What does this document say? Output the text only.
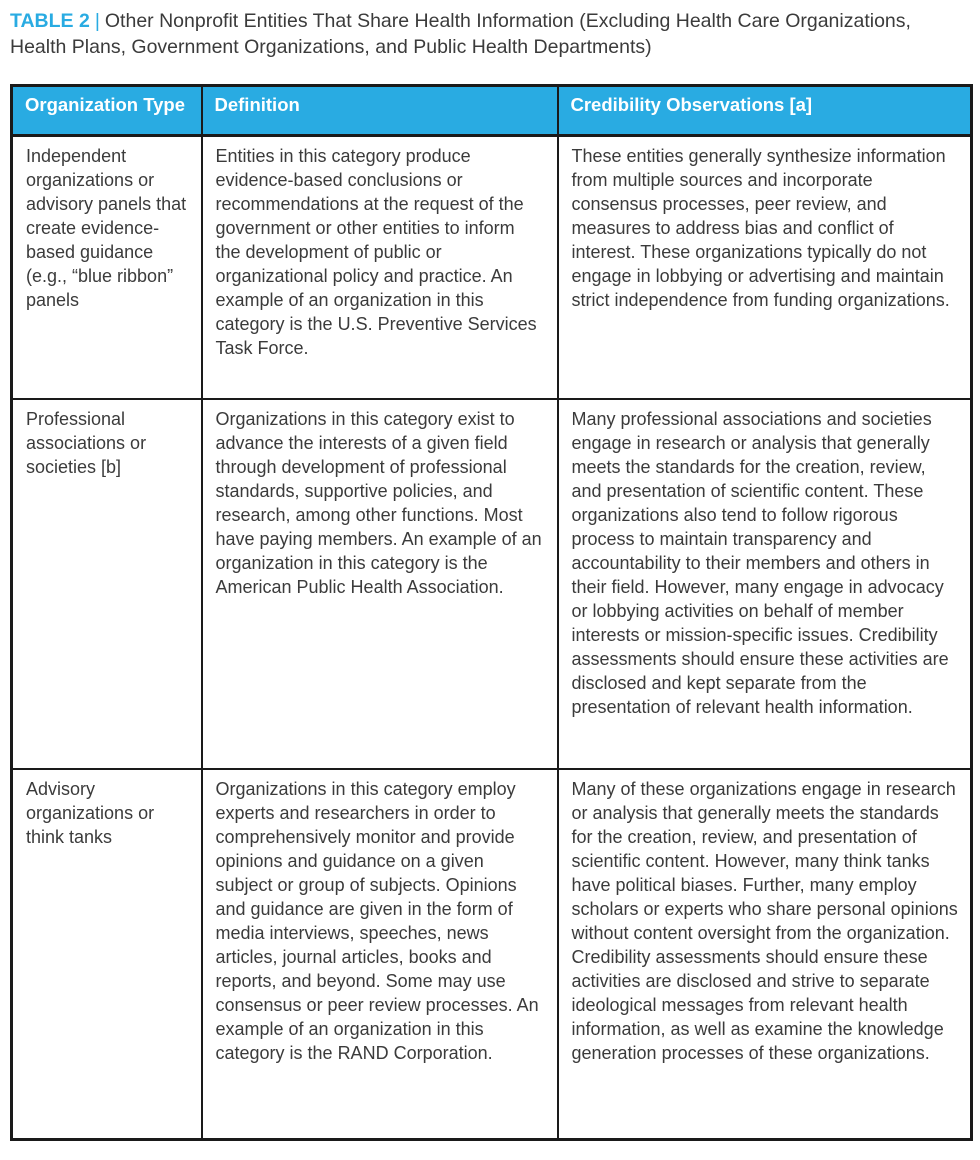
TABLE 2 | Other Nonprofit Entities That Share Health Information (Excluding Health Care Organizations, Health Plans, Government Organizations, and Public Health Departments)
Organization Type	Definition	Credibility Observations [a]
Independent organizations or advisory panels that create evidence-based guidance (e.g., “blue ribbon” panels	Entities in this category produce evidence-based conclusions or recommendations at the request of the government or other entities to inform the development of public or organizational policy and practice. An example of an organization in this category is the U.S. Preventive Services Task Force.	These entities generally synthesize information from multiple sources and incorporate consensus processes, peer review, and measures to address bias and conflict of interest. These organizations typically do not engage in lobbying or advertising and maintain strict independence from funding organizations.
Professional associations or societies [b]	Organizations in this category exist to advance the interests of a given field through development of professional standards, supportive policies, and research, among other functions. Most have paying members. An example of an organization in this category is the American Public Health Association.	Many professional associations and societies engage in research or analysis that generally meets the standards for the creation, review, and presentation of scientific content. These organizations also tend to follow rigorous process to maintain transparency and accountability to their members and others in their field. However, many engage in advocacy or lobbying activities on behalf of member interests or mission-specific issues. Credibility assessments should ensure these activities are disclosed and kept separate from the presentation of relevant health information.
Advisory organizations or think tanks	Organizations in this category employ experts and researchers in order to comprehensively monitor and provide opinions and guidance on a given subject or group of subjects. Opinions and guidance are given in the form of media interviews, speeches, news articles, journal articles, books and reports, and beyond. Some may use consensus or peer review processes. An example of an organization in this category is the RAND Corporation.	Many of these organizations engage in research or analysis that generally meets the standards for the creation, review, and presentation of scientific content. However, many think tanks have political biases. Further, many employ scholars or experts who share personal opinions without content oversight from the organization. Credibility assessments should ensure these activities are disclosed and strive to separate ideological messages from relevant health information, as well as examine the knowledge generation processes of these organizations.
